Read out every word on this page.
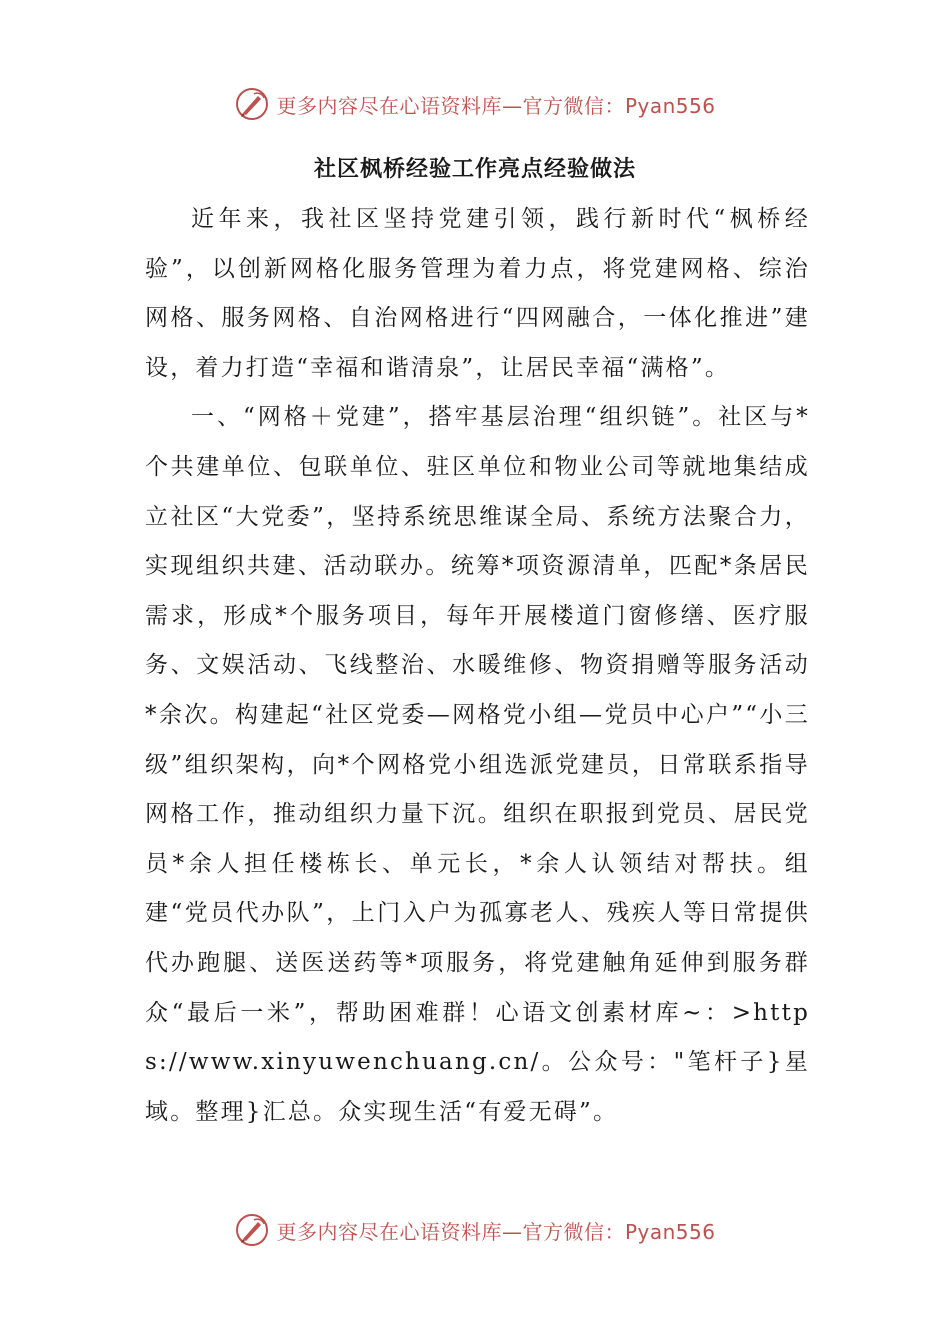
更多内容尽在心语资料库—官方微信：Pyan556
社区枫桥经验工作亮点经验做法

近年来，我社区坚持党建引领，践行新时代“枫桥经验”，以创新网格化服务管理为着力点，将党建网格、综治网格、服务网格、自治网格进行“四网融合，一体化推进”建设，着力打造“幸福和谐清泉”，让居民幸福“满格”。

一、“网格＋党建”，搭牢基层治理“组织链”。社区与*个共建单位、包联单位、驻区单位和物业公司等就地集结成立社区“大党委”，坚持系统思维谋全局、系统方法聚合力，实现组织共建、活动联办。统筹*项资源清单，匹配*条居民需求，形成*个服务项目，每年开展楼道门窗修缮、医疗服务、文娱活动、飞线整治、水暖维修、物资捐赠等服务活动*余次。构建起“社区党委—网格党小组—党员中心户”“小三级”组织架构，向*个网格党小组选派党建员，日常联系指导网格工作，推动组织力量下沉。组织在职报到党员、居民党员*余人担任楼栋长、单元长，*余人认领结对帮扶。组建“党员代办队”，上门入户为孤寡老人、残疾人等日常提供代办跑腿、送医送药等*项服务，将党建触角延伸到服务群众“最后一米”，帮助困难群！心语文创素材库~：>https://www.xinyuwenchuang.cn/。公众号："笔杆子}星域。整理}汇总。众实现生活“有爱无碍”。

更多内容尽在心语资料库—官方微信：Pyan556
